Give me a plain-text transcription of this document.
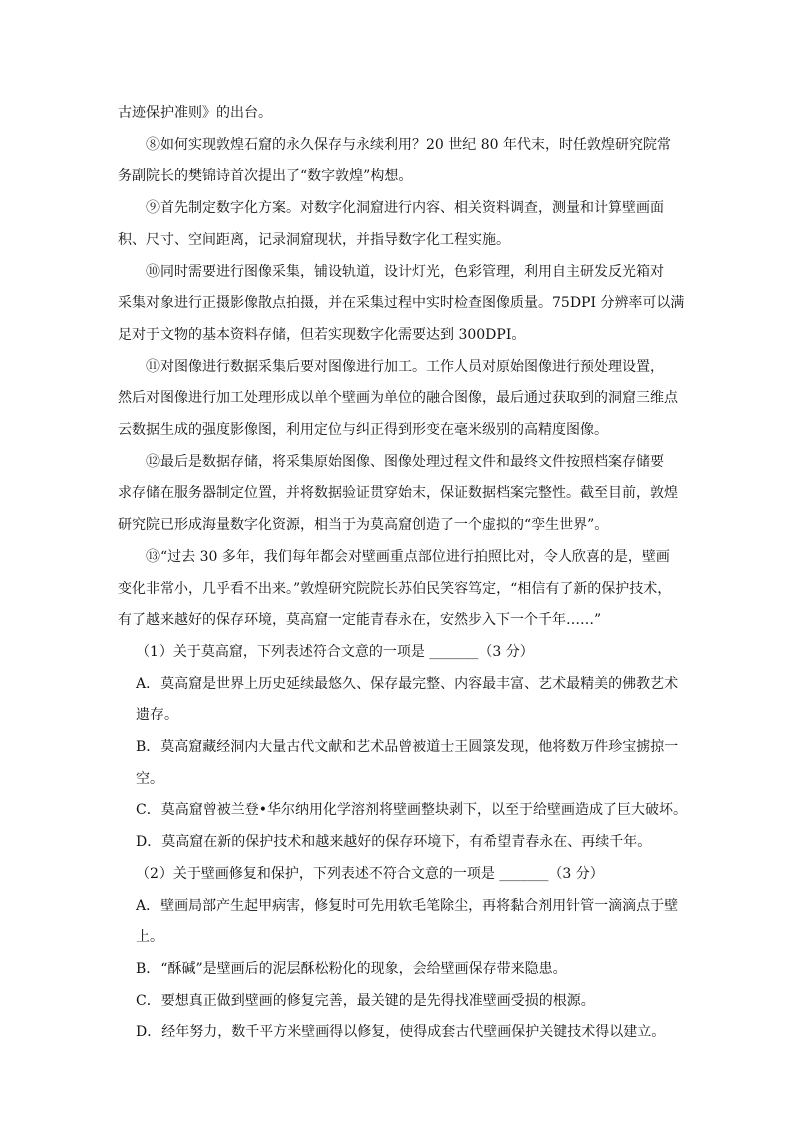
古迹保护准则》的出台。
⑧如何实现敦煌石窟的永久保存与永续利用？20 世纪 80 年代末，时任敦煌研究院常
务副院长的樊锦诗首次提出了“数字敦煌”构想。
⑨首先制定数字化方案。对数字化洞窟进行内容、相关资料调查，测量和计算壁画面
积、尺寸、空间距离，记录洞窟现状，并指导数字化工程实施。
⑩同时需要进行图像采集，铺设轨道，设计灯光，色彩管理，利用自主研发反光箱对
采集对象进行正摄影像散点拍摄，并在采集过程中实时检查图像质量。75DPI 分辨率可以满
足对于文物的基本资料存储，但若实现数字化需要达到 300DPI。
⑪对图像进行数据采集后要对图像进行加工。工作人员对原始图像进行预处理设置，
然后对图像进行加工处理形成以单个壁画为单位的融合图像，最后通过获取到的洞窟三维点
云数据生成的强度影像图，利用定位与纠正得到形变在毫米级别的高精度图像。
⑫最后是数据存储，将采集原始图像、图像处理过程文件和最终文件按照档案存储要
求存储在服务器制定位置，并将数据验证贯穿始末，保证数据档案完整性。截至目前，敦煌
研究院已形成海量数字化资源，相当于为莫高窟创造了一个虚拟的“孪生世界”。
⑬“过去 30 多年，我们每年都会对壁画重点部位进行拍照比对，令人欣喜的是，壁画
变化非常小，几乎看不出来。”敦煌研究院院长苏伯民笑容笃定，“相信有了新的保护技术，
有了越来越好的保存环境，莫高窟一定能青春永在，安然步入下一个千年……”
（1）关于莫高窟，下列表述符合文意的一项是 _______（3 分）
A．莫高窟是世界上历史延续最悠久、保存最完整、内容最丰富、艺术最精美的佛教艺术
遗存。
B．莫高窟藏经洞内大量古代文献和艺术品曾被道士王圆箓发现，他将数万件珍宝掳掠一
空。
C．莫高窟曾被兰登•华尔纳用化学溶剂将壁画整块剥下，以至于给壁画造成了巨大破坏。
D．莫高窟在新的保护技术和越来越好的保存环境下，有希望青春永在、再续千年。
（2）关于壁画修复和保护，下列表述不符合文意的一项是 _______（3 分）
A．壁画局部产生起甲病害，修复时可先用软毛笔除尘，再将黏合剂用针管一滴滴点于壁
上。
B．“酥碱”是壁画后的泥层酥松粉化的现象，会给壁画保存带来隐患。
C．要想真正做到壁画的修复完善，最关键的是先得找准壁画受损的根源。
D．经年努力，数千平方米壁画得以修复，使得成套古代壁画保护关键技术得以建立。
